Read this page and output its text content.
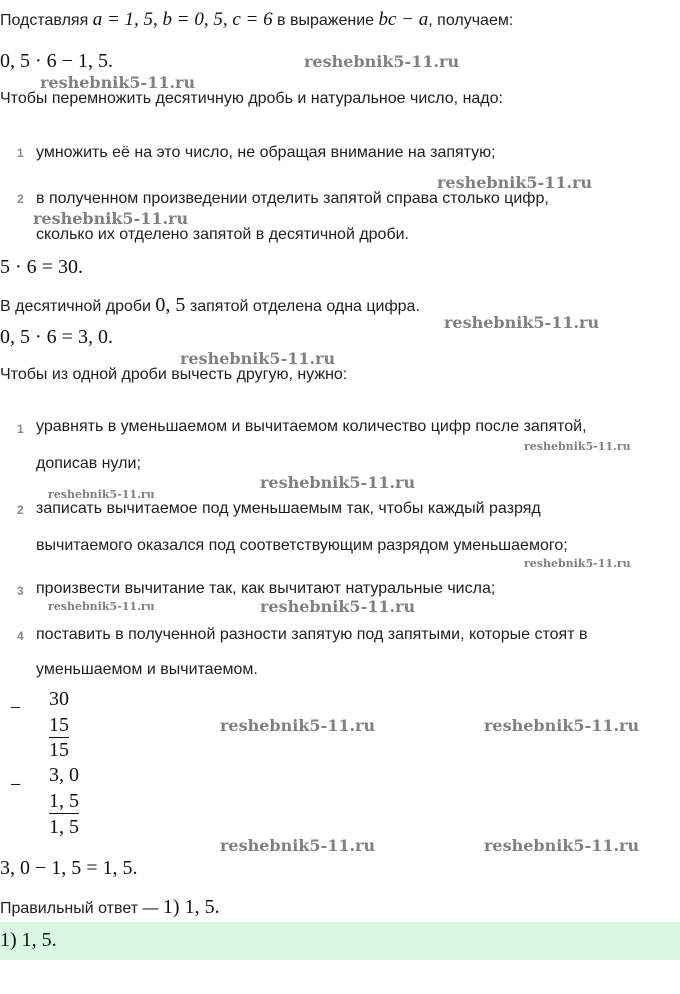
Подставляя a = 1, 5, b = 0, 5, c = 6 в выражение bc − a, получаем:
0, 5 · 6 − 1, 5.
Чтобы перемножить десятичную дробь и натуральное число, надо:
1 умножить её на это число, не обращая внимание на запятую;
2 в полученном произведении отделить запятой справа столько цифр,
сколько их отделено запятой в десятичной дроби.
5 · 6 = 30.
В десятичной дроби 0, 5 запятой отделена одна цифра.
0, 5 · 6 = 3, 0.
Чтобы из одной дроби вычесть другую, нужно:
1 уравнять в уменьшаемом и вычитаемом количество цифр после запятой,
дописав нули;
2 записать вычитаемое под уменьшаемым так, чтобы каждый разряд
вычитаемого оказался под соответствующим разрядом уменьшаемого;
3 произвести вычитание так, как вычитают натуральные числа;
4 поставить в полученной разности запятую под запятыми, которые стоят в
уменьшаемом и вычитаемом.
− 30
15
15
− 3, 0
1, 5
1, 5
3, 0 − 1, 5 = 1, 5.
Правильный ответ — 1) 1, 5.
1) 1, 5.
reshebnik5-11.ru
reshebnik5-11.ru
reshebnik5-11.ru
reshebnik5-11.ru
reshebnik5-11.ru
reshebnik5-11.ru
reshebnik5-11.ru
reshebnik5-11.ru
reshebnik5-11.ru
reshebnik5-11.ru
reshebnik5-11.ru	reshebnik5-11.ru
reshebnik5-11.ru	reshebnik5-11.ru
reshebnik5-11.ru	reshebnik5-11.ru
